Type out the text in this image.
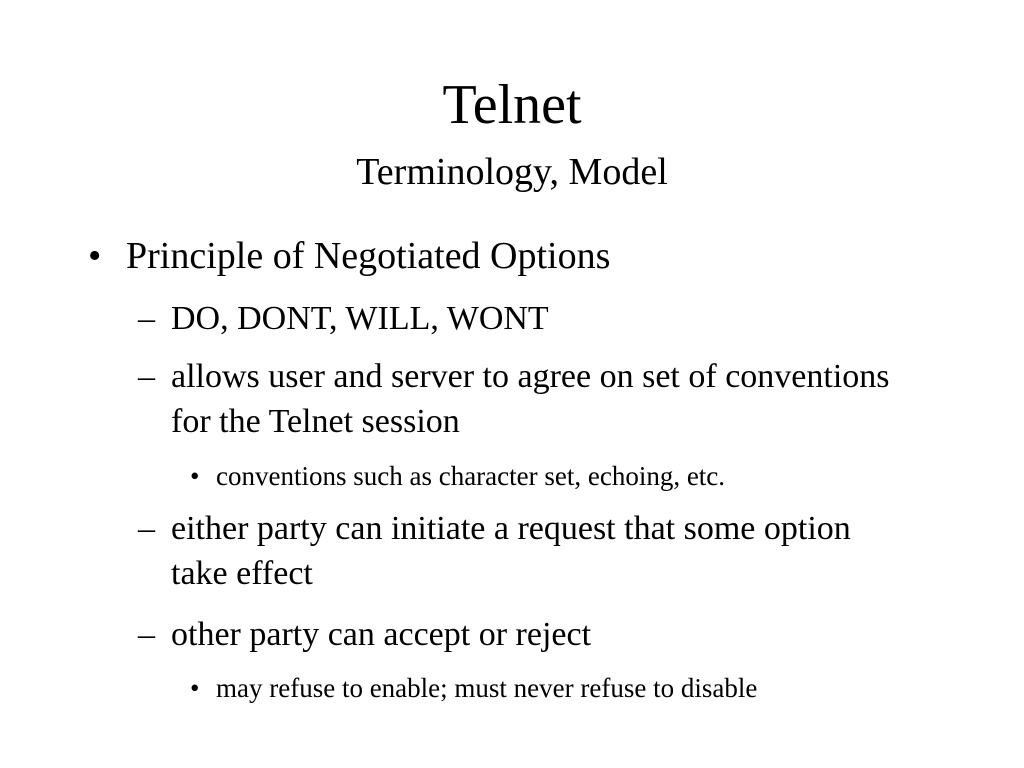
Telnet
Terminology, Model
• Principle of Negotiated Options
– DO, DONT, WILL, WONT
– allows user and server to agree on set of conventions for the Telnet session
• conventions such as character set, echoing, etc.
– either party can initiate a request that some option take effect
– other party can accept or reject
• may refuse to enable; must never refuse to disable
